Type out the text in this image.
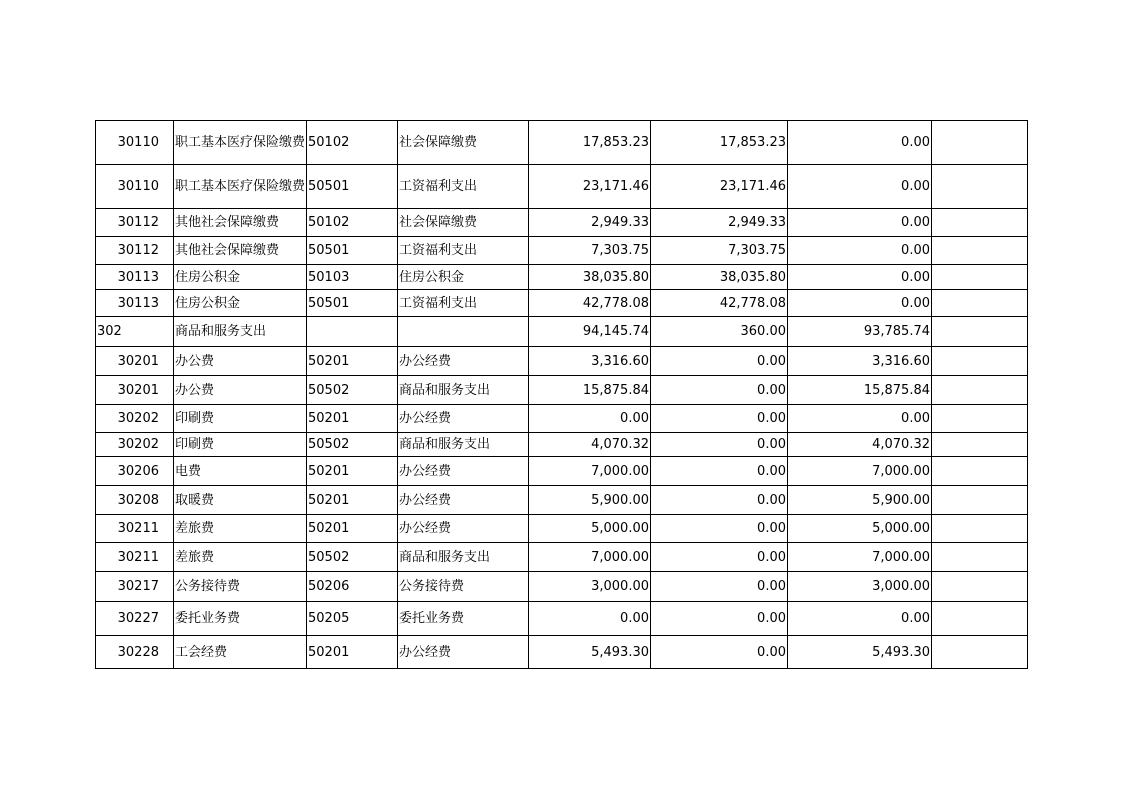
30110	职工基本医疗保险缴费	50102	社会保障缴费	17,853.23	17,853.23	0.00	
30110	职工基本医疗保险缴费	50501	工资福利支出	23,171.46	23,171.46	0.00	
30112	其他社会保障缴费	50102	社会保障缴费	2,949.33	2,949.33	0.00	
30112	其他社会保障缴费	50501	工资福利支出	7,303.75	7,303.75	0.00	
30113	住房公积金	50103	住房公积金	38,035.80	38,035.80	0.00	
30113	住房公积金	50501	工资福利支出	42,778.08	42,778.08	0.00	
302	商品和服务支出			94,145.74	360.00	93,785.74	
30201	办公费	50201	办公经费	3,316.60	0.00	3,316.60	
30201	办公费	50502	商品和服务支出	15,875.84	0.00	15,875.84	
30202	印刷费	50201	办公经费	0.00	0.00	0.00	
30202	印刷费	50502	商品和服务支出	4,070.32	0.00	4,070.32	
30206	电费	50201	办公经费	7,000.00	0.00	7,000.00	
30208	取暖费	50201	办公经费	5,900.00	0.00	5,900.00	
30211	差旅费	50201	办公经费	5,000.00	0.00	5,000.00	
30211	差旅费	50502	商品和服务支出	7,000.00	0.00	7,000.00	
30217	公务接待费	50206	公务接待费	3,000.00	0.00	3,000.00	
30227	委托业务费	50205	委托业务费	0.00	0.00	0.00	
30228	工会经费	50201	办公经费	5,493.30	0.00	5,493.30	
